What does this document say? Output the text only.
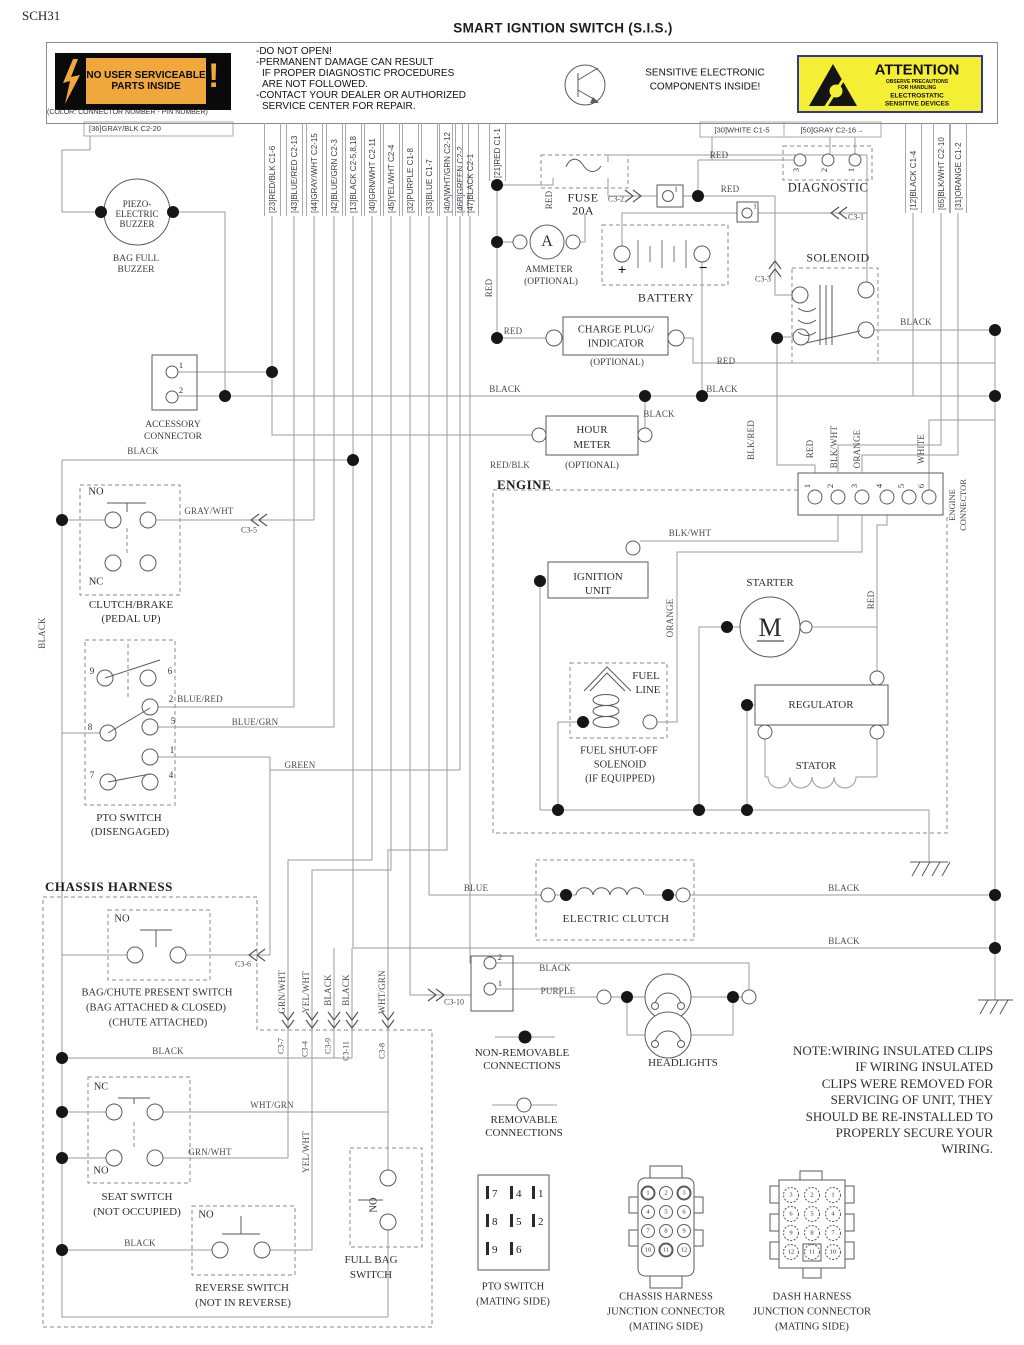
SCH31
SMART IGNTION SWITCH (S.I.S.)
NO USER SERVICEABLE
PARTS INSIDE !
(COLOR: CONNECTOR NUMBER - PIN NUMBER)
-DO NOT OPEN!
-PERMANENT DAMAGE CAN RESULT
IF PROPER DIAGNOSTIC PROCEDURES
ARE NOT FOLLOWED.
-CONTACT YOUR DEALER OR AUTHORIZED
SERVICE CENTER FOR REPAIR.
SENSITIVE ELECTRONIC
COMPONENTS INSIDE!
ATTENTION
OBSERVE PRECAUTIONS
FOR HANDLING
ELECTROSTATIC
SENSITIVE DEVICES
[36]GRAY/BLK C2-20	[30]WHITE C1-5	[50]GRAY C2-16→
[23]RED/BLK C1-6	[43]BLUE/RED C2-13	[44]GRAY/WHT C2-15	[42]BLUE/GRN C2-3	[13]BLACK C2-5,8,18	[40]GRN/WHT C2-11	[45]YEL/WHT C2-4	[32]PURPLE C1-8	[33]BLUE C1-7	[40A]WHT/GRN C2-12 [46B]GREEN C2-2 [47]BLACK C2-1
[21]RED C1-1	[12]BLACK C1-4	[65]BLK/WHT C2-10	[31]ORANGE C1-2
RED
RED
RED
RED
RED
RED
RED
BLACK	BLACK
BLACK
BLACK
BLACK
BLACK
BLACK
BLACK
BLACK
BLACK
BLACK
PURPLE
BLUE
GRAY/WHT
BLUE/RED
BLUE/GRN
GREEN
WHT/GRN
GRN/WHT
BLK/WHT
RED/BLK
ORANGE
BLK/RED	RED BLK/WHT ORANGE	WHITE
GRN/WHT YEL/WHT BLACK BLACK	WHT/GRN
YEL/WHT
C3-1
C3-2
C3-3
C3-5
C3-6
C3-10
C3-7 C3-4 C3-9 C3-11	C3-8
PIEZO-
ELECTRIC
BUZZER
BAG FULL
BUZZER
1
2
ACCESSORY
CONNECTOR
FUSE
20A
1
1
A
AMMETER
(OPTIONAL)
BATTERY
+	−
DIAGNOSTIC
3 2 1
SOLENOID
CHARGE PLUG/
INDICATOR
(OPTIONAL)
HOUR
METER
(OPTIONAL)
ENGINE	1 2 3 4 5 6
ENGINE CONNECTOR
IGNITION
UNIT
STARTER
M
FUEL
LINE
FUEL SHUT-OFF
SOLENOID
(IF EQUIPPED)
REGULATOR
STATOR
NO
NC
CLUTCH/BRAKE
(PEDAL UP)
9	6
2
8
5
1
7	4
PTO SWITCH
(DISENGAGED)
CHASSIS HARNESS
NO
BAG/CHUTE PRESENT SWITCH
(BAG ATTACHED & CLOSED)
(CHUTE ATTACHED)
NC
NO
SEAT SWITCH
(NOT OCCUPIED) NO
REVERSE SWITCH
(NOT IN REVERSE)
NO
FULL BAG
SWITCH
ELECTRIC CLUTCH
2
1
HEADLIGHTS
NON-REMOVABLE
CONNECTIONS
REMOVABLE
CONNECTIONS
NOTE:WIRING INSULATED CLIPS
IF WIRING INSULATED
CLIPS WERE REMOVED FOR
SERVICING OF UNIT, THEY
SHOULD BE RE-INSTALLED TO
PROPERLY SECURE YOUR
WIRING.
7	4	1
8	5	2
9	6
PTO SWITCH
(MATING SIDE)
1 2 3
4 5 6
7 8 9
10 11 12
CHASSIS HARNESS
JUNCTION CONNECTOR
(MATING SIDE)
3	2	1
6	5	4
9	8	7
12 11 10
DASH HARNESS
JUNCTION CONNECTOR
(MATING SIDE)
